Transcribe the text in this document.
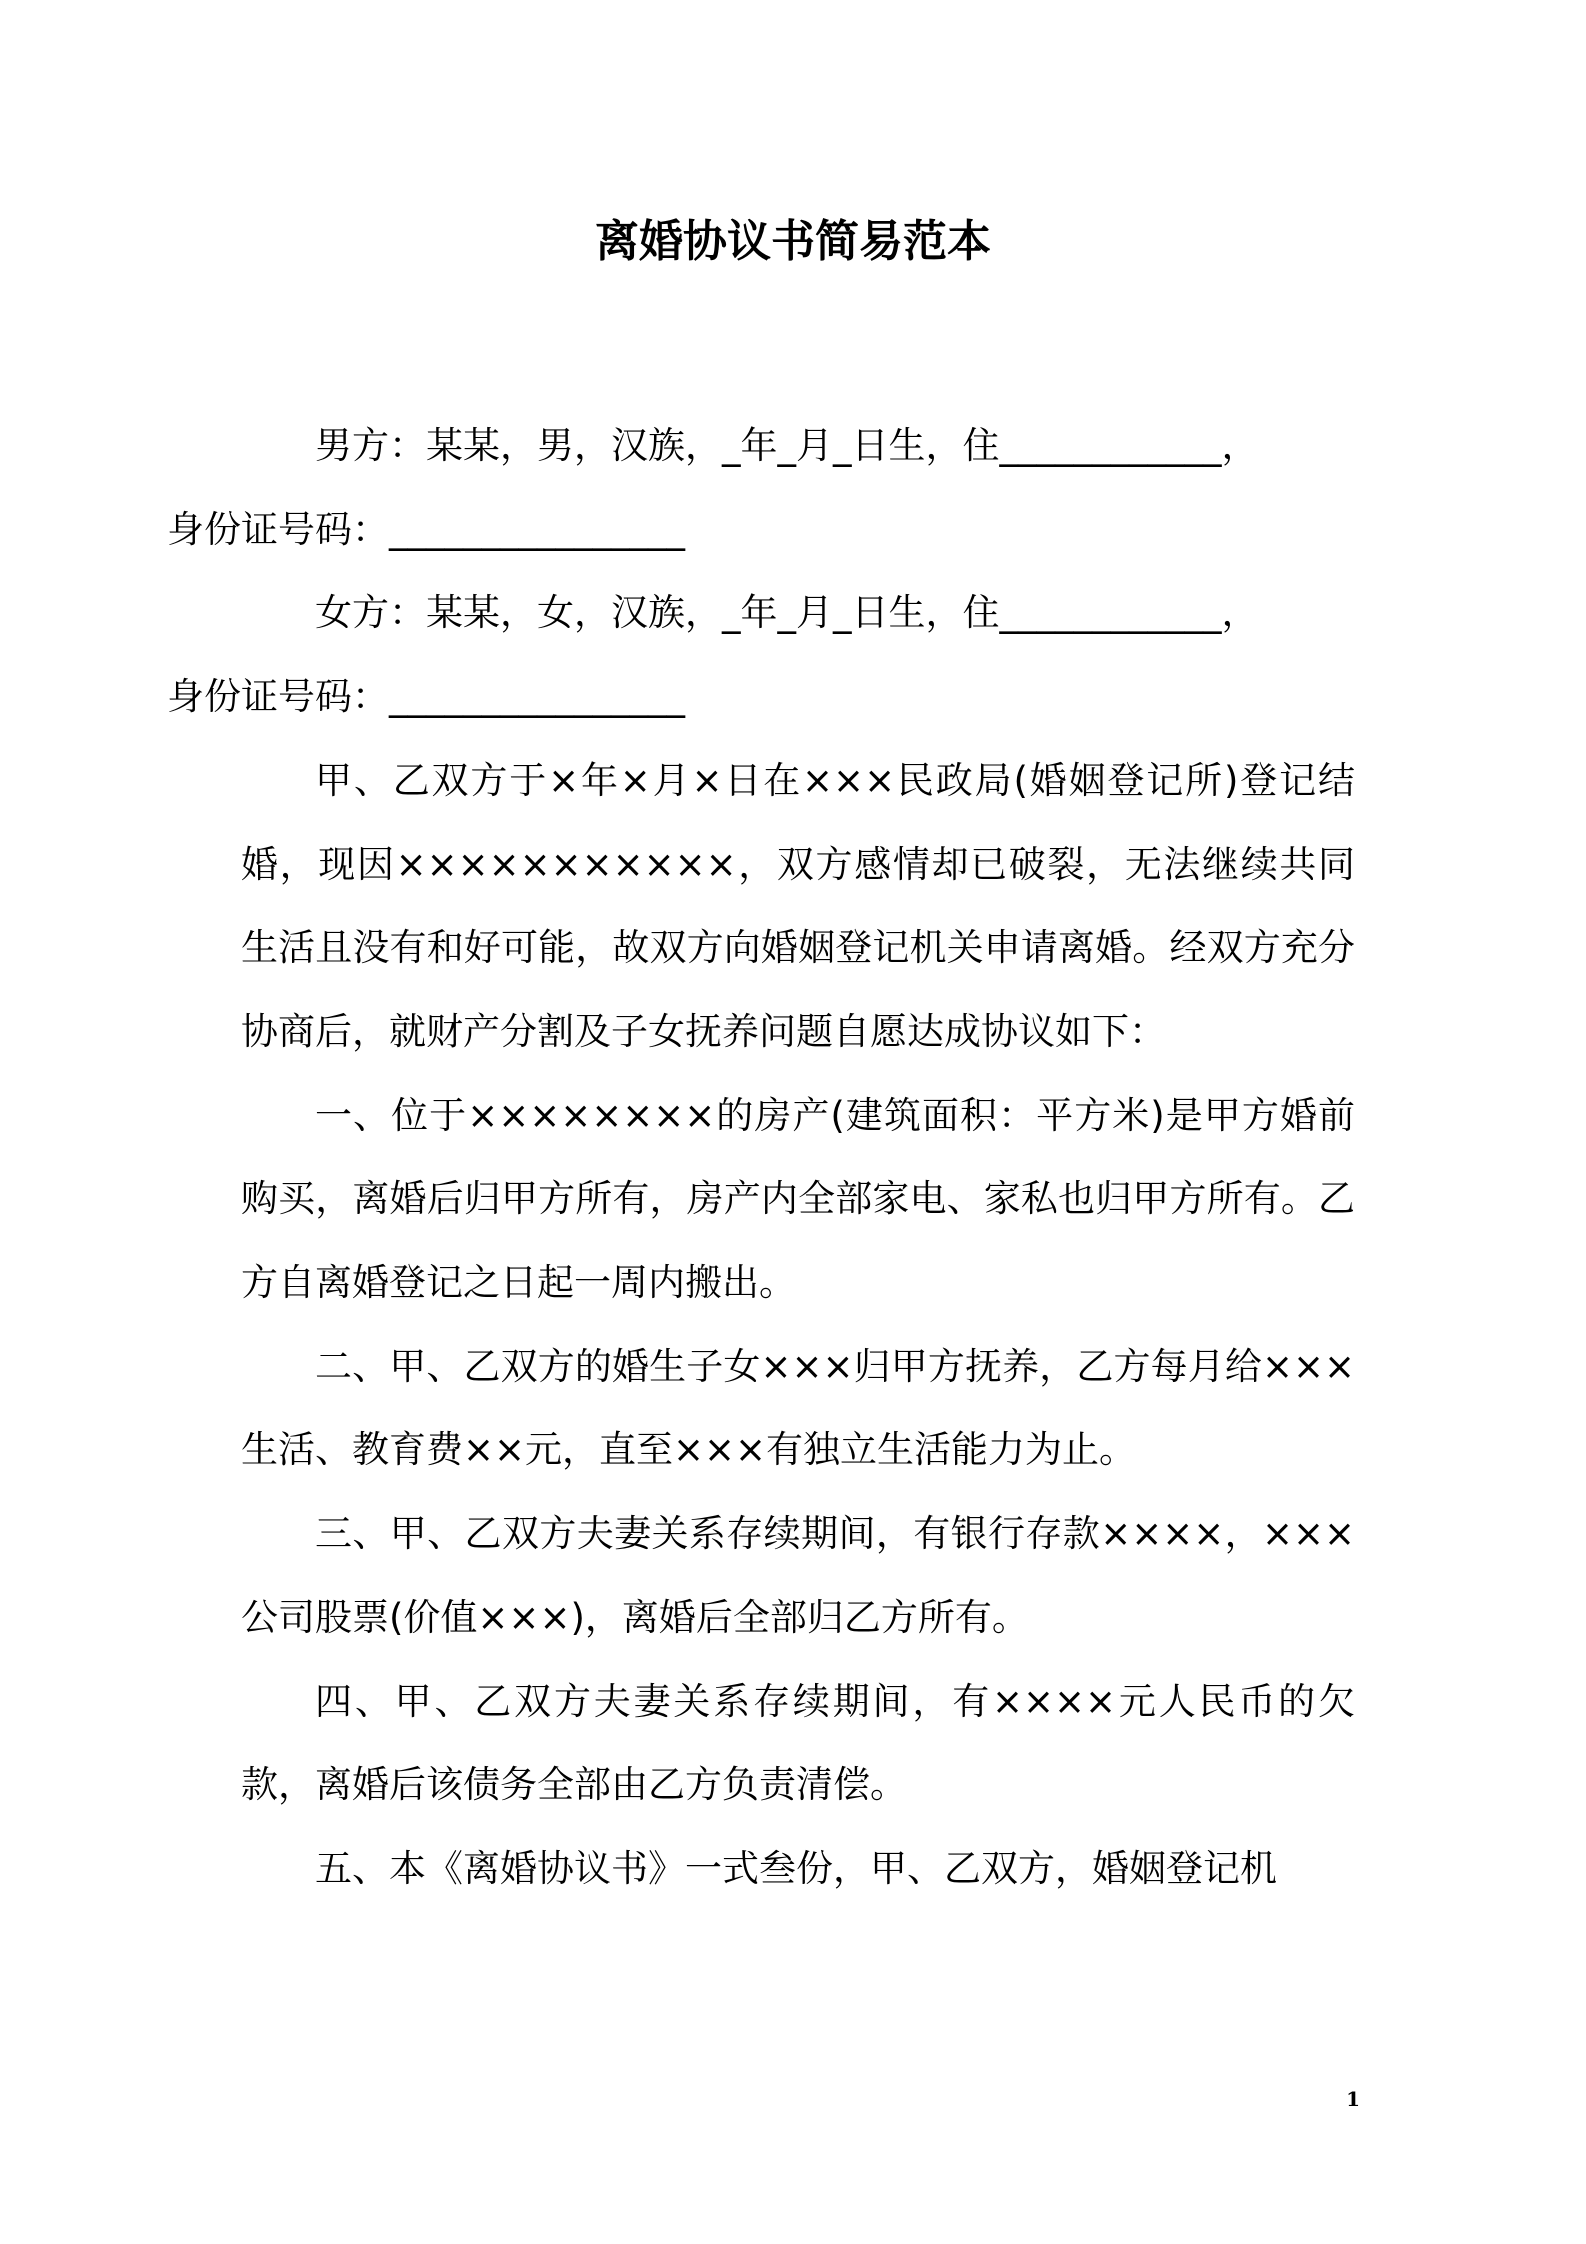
离婚协议书简易范本

男方：某某，男，汉族，_年_月_日生，住____________，
身份证号码：________________

女方：某某，女，汉族，_年_月_日生，住____________，
身份证号码：________________

甲、乙双方于×年×月×日在×××民政局(婚姻登记所)登记结婚，现因×××××××××××，双方感情却已破裂，无法继续共同生活且没有和好可能，故双方向婚姻登记机关申请离婚。经双方充分协商后，就财产分割及子女抚养问题自愿达成协议如下：

一、位于××××××××的房产(建筑面积：平方米)是甲方婚前购买，离婚后归甲方所有，房产内全部家电、家私也归甲方所有。乙方自离婚登记之日起一周内搬出。

二、甲、乙双方的婚生子女×××归甲方抚养，乙方每月给×××生活、教育费××元，直至×××有独立生活能力为止。

三、甲、乙双方夫妻关系存续期间，有银行存款××××，×××公司股票(价值×××)，离婚后全部归乙方所有。

四、甲、乙双方夫妻关系存续期间，有××××元人民币的欠款，离婚后该债务全部由乙方负责清偿。

五、本《离婚协议书》一式叁份，甲、乙双方，婚姻登记机

1
